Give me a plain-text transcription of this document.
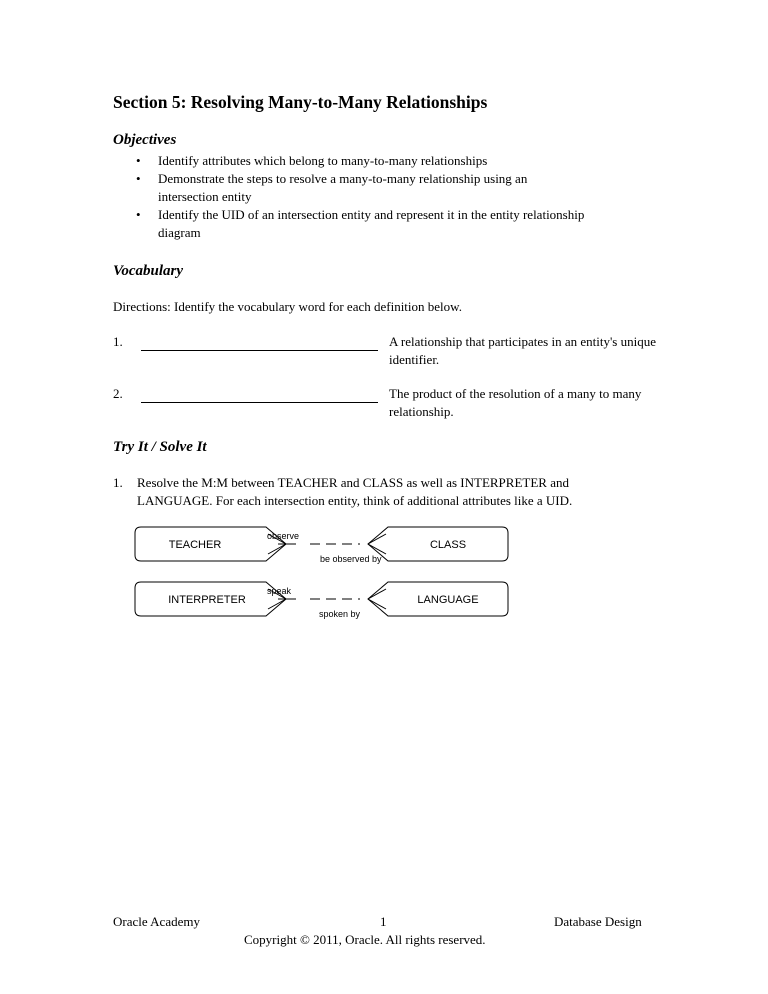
Section 5: Resolving Many-to-Many Relationships
Objectives
• Identify attributes which belong to many-to-many relationships
• Demonstrate the steps to resolve a many-to-many relationship using an
intersection entity
• Identify the UID of an intersection entity and represent it in the entity relationship
diagram
Vocabulary
Directions: Identify the vocabulary word for each definition below.
1.	A relationship that participates in an entity's unique
identifier.
2.	The product of the resolution of a many to many
relationship.
Try It / Solve It
1. Resolve the M:M between TEACHER and CLASS as well as INTERPRETER and
LANGUAGE. For each intersection entity, think of additional attributes like a UID.
TEACHER	CLASS
observe
be observed by
INTERPRETER	LANGUAGE
speak
spoken by
Oracle Academy	1	Database Design
Copyright © 2011, Oracle. All rights reserved.
